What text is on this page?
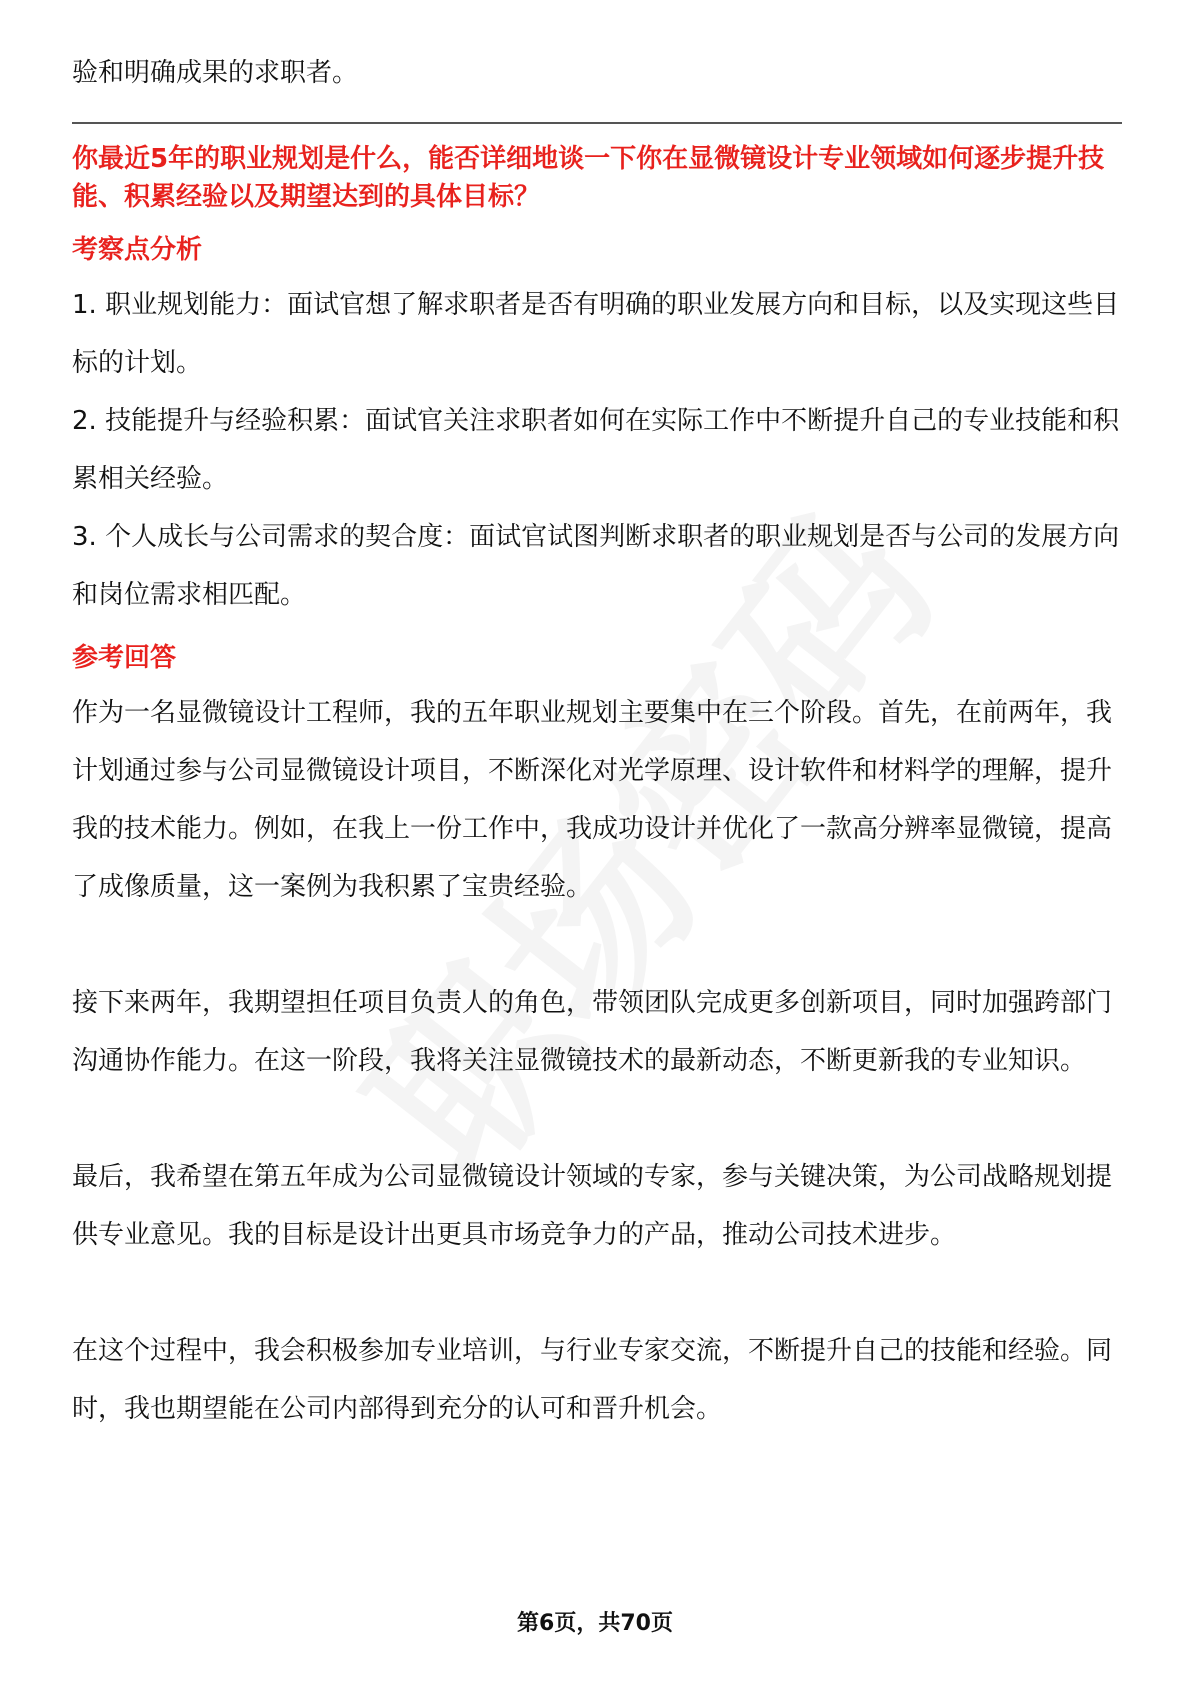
验和明确成果的求职者。

你最近5年的职业规划是什么，能否详细地谈一下你在显微镜设计专业领域如何逐步提升技能、积累经验以及期望达到的具体目标？

考察点分析

1. 职业规划能力：面试官想了解求职者是否有明确的职业发展方向和目标，以及实现这些目标的计划。

2. 技能提升与经验积累：面试官关注求职者如何在实际工作中不断提升自己的专业技能和积累相关经验。

3. 个人成长与公司需求的契合度：面试官试图判断求职者的职业规划是否与公司的发展方向和岗位需求相匹配。

参考回答

作为一名显微镜设计工程师，我的五年职业规划主要集中在三个阶段。首先，在前两年，我计划通过参与公司显微镜设计项目，不断深化对光学原理、设计软件和材料学的理解，提升我的技术能力。例如，在我上一份工作中，我成功设计并优化了一款高分辨率显微镜，提高了成像质量，这一案例为我积累了宝贵经验。

接下来两年，我期望担任项目负责人的角色，带领团队完成更多创新项目，同时加强跨部门沟通协作能力。在这一阶段，我将关注显微镜技术的最新动态，不断更新我的专业知识。

最后，我希望在第五年成为公司显微镜设计领域的专家，参与关键决策，为公司战略规划提供专业意见。我的目标是设计出更具市场竞争力的产品，推动公司技术进步。

在这个过程中，我会积极参加专业培训，与行业专家交流，不断提升自己的技能和经验。同时，我也期望能在公司内部得到充分的认可和晋升机会。

第6页，共70页
